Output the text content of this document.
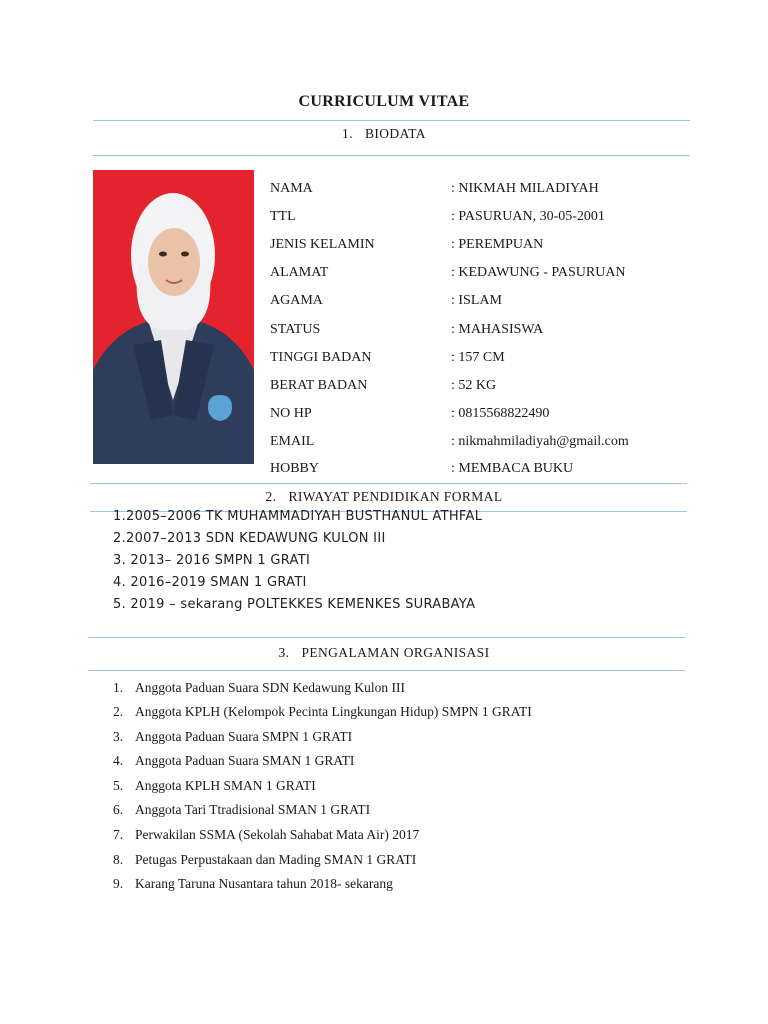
CURRICULUM VITAE
1. BIODATA
NAMA	: NIKMAH MILADIYAH
TTL	: PASURUAN, 30-05-2001
JENIS KELAMIN	: PEREMPUAN
ALAMAT	: KEDAWUNG - PASURUAN
AGAMA	: ISLAM
STATUS	: MAHASISWA
TINGGI BADAN	: 157 CM
BERAT BADAN	: 52 KG
NO HP	: 0815568822490
EMAIL	: nikmahmiladiyah@gmail.com
HOBBY	: MEMBACA BUKU
2. RIWAYAT PENDIDIKAN FORMAL
1.2005–2006 TK MUHAMMADIYAH BUSTHANUL ATHFAL
2.2007–2013 SDN KEDAWUNG KULON III
3. 2013– 2016 SMPN 1 GRATI
4. 2016–2019 SMAN 1 GRATI
5. 2019 – sekarang POLTEKKES KEMENKES SURABAYA
3. PENGALAMAN ORGANISASI
1. Anggota Paduan Suara SDN Kedawung Kulon III
2. Anggota KPLH (Kelompok Pecinta Lingkungan Hidup) SMPN 1 GRATI
3. Anggota Paduan Suara SMPN 1 GRATI
4. Anggota Paduan Suara SMAN 1 GRATI
5. Anggota KPLH SMAN 1 GRATI
6. Anggota Tari Ttradisional SMAN 1 GRATI
7. Perwakilan SSMA (Sekolah Sahabat Mata Air) 2017
8. Petugas Perpustakaan dan Mading SMAN 1 GRATI
9. Karang Taruna Nusantara tahun 2018- sekarang
